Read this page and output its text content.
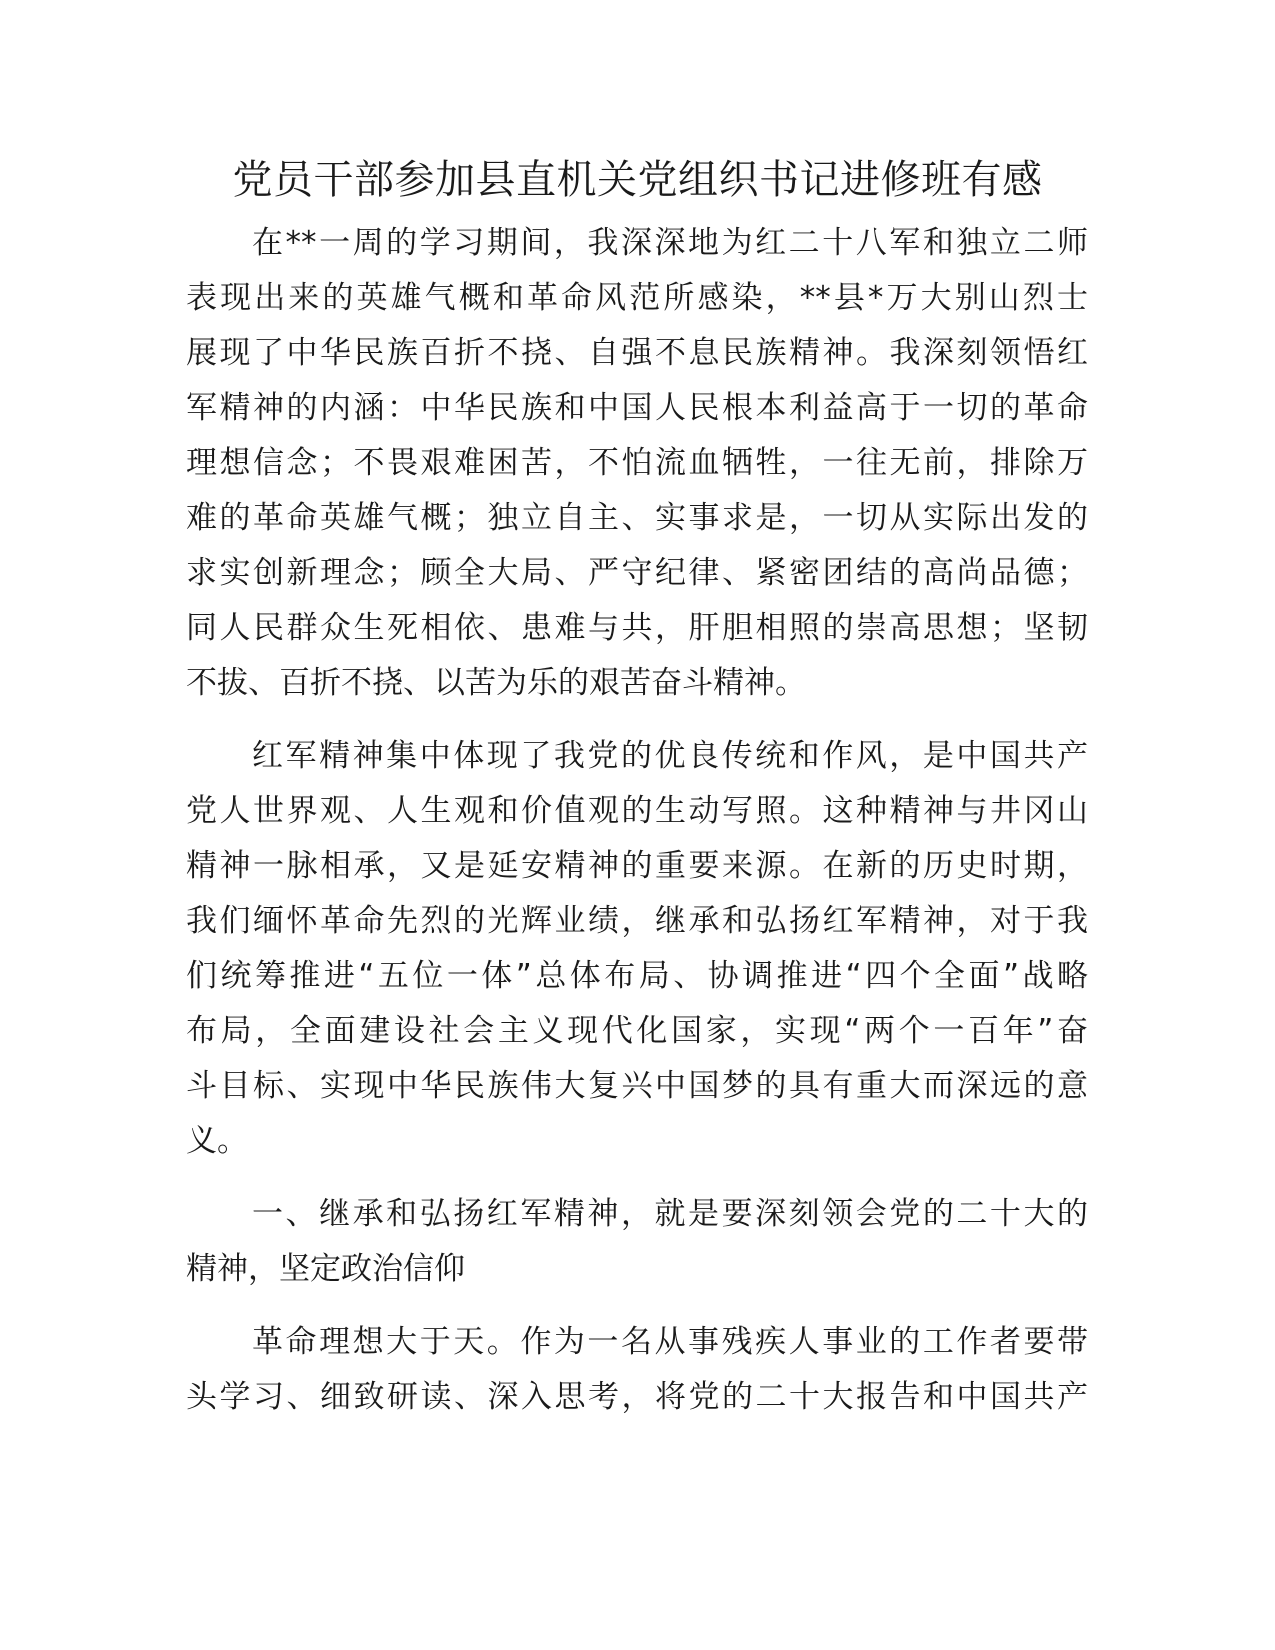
党员干部参加县直机关党组织书记进修班有感

在**一周的学习期间，我深深地为红二十八军和独立二师

表现出来的英雄气概和革命风范所感染，**县*万大别山烈士

展现了中华民族百折不挠、自强不息民族精神。我深刻领悟红

军精神的内涵：中华民族和中国人民根本利益高于一切的革命

理想信念；不畏艰难困苦，不怕流血牺牲，一往无前，排除万

难的革命英雄气概；独立自主、实事求是，一切从实际出发的

求实创新理念；顾全大局、严守纪律、紧密团结的高尚品德；

同人民群众生死相依、患难与共，肝胆相照的崇高思想；坚韧

不拔、百折不挠、以苦为乐的艰苦奋斗精神。

红军精神集中体现了我党的优良传统和作风，是中国共产

党人世界观、人生观和价值观的生动写照。这种精神与井冈山

精神一脉相承，又是延安精神的重要来源。在新的历史时期，

我们缅怀革命先烈的光辉业绩，继承和弘扬红军精神，对于我

们统筹推进“五位一体”总体布局、协调推进“四个全面”战略

布局，全面建设社会主义现代化国家，实现“两个一百年”奋

斗目标、实现中华民族伟大复兴中国梦的具有重大而深远的意

义。

一、继承和弘扬红军精神，就是要深刻领会党的二十大的

精神，坚定政治信仰

革命理想大于天。作为一名从事残疾人事业的工作者要带

头学习、细致研读、深入思考，将党的二十大报告和中国共产
